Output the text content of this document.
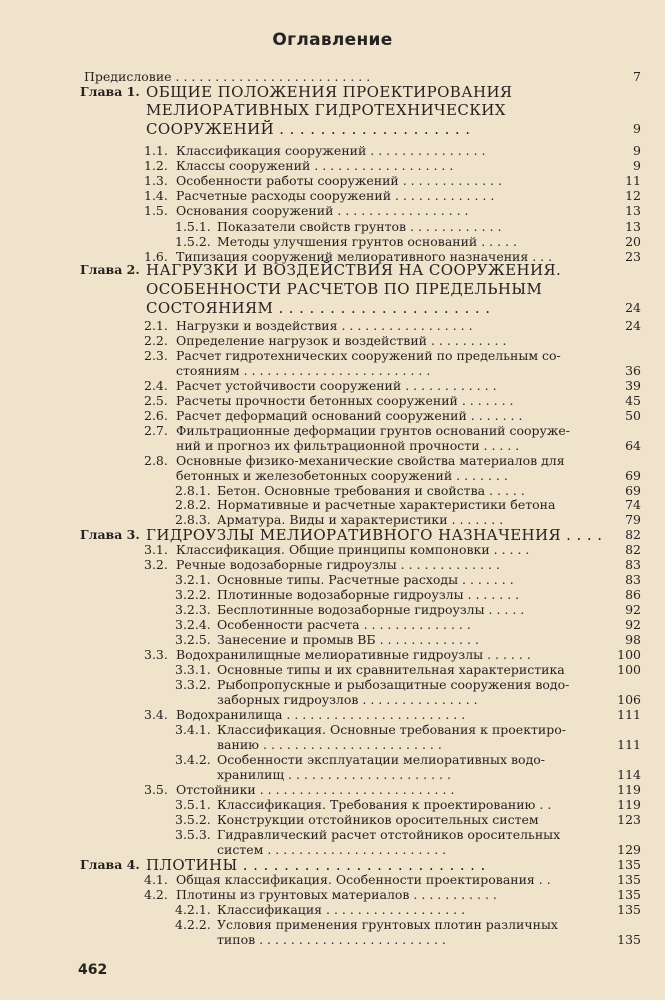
Оглавление
Предисловие . . . . . . . . . . . . . . . . . . . . . . . . .	7
Глава 1. ОБЩИЕ ПОЛОЖЕНИЯ ПРОЕКТИРОВАНИЯ
МЕЛИОРАТИВНЫХ ГИДРОТЕХНИЧЕСКИХ
СООРУЖЕНИЙ . . . . . . . . . . . . . . . . . . .	9
1.1. Классификация сооружений . . . . . . . . . . . . . . .	9
1.2. Классы сооружений . . . . . . . . . . . . . . . . . .	9
1.3. Особенности работы сооружений . . . . . . . . . . . . .	11
1.4. Расчетные расходы сооружений . . . . . . . . . . . . .	12
1.5. Основания сооружений . . . . . . . . . . . . . . . . .	13
1.5.1. Показатели свойств грунтов . . . . . . . . . . . .	13
1.5.2. Методы улучшения грунтов оснований . . . . .	20
1.6. Типизация сооружений мелиоративного назначения . . .	23
Глава 2. НАГРУЗКИ И ВОЗДЕЙСТВИЯ НА СООРУЖЕНИЯ.
ОСОБЕННОСТИ РАСЧЕТОВ ПО ПРЕДЕЛЬНЫМ
СОСТОЯНИЯМ . . . . . . . . . . . . . . . . . . . . .	24
2.1. Нагрузки и воздействия . . . . . . . . . . . . . . . . .	24
2.2. Определение нагрузок и воздействий . . . . . . . . . .
2.3. Расчет гидротехнических сооружений по предельным со-
стояниям . . . . . . . . . . . . . . . . . . . . . . . .	36
2.4. Расчет устойчивости сооружений . . . . . . . . . . . .	39
2.5. Расчеты прочности бетонных сооружений . . . . . . .	45
2.6. Расчет деформаций оснований сооружений . . . . . . .	50
2.7. Фильтрационные деформации грунтов оснований сооруже-
ний и прогноз их фильтрационной прочности . . . . .	64
2.8. Основные физико-механические свойства материалов для
бетонных и железобетонных сооружений . . . . . . .	69
2.8.1. Бетон. Основные требования и свойства . . . . .	69
2.8.2. Нормативные и расчетные характеристики бетона	74
2.8.3. Арматура. Виды и характеристики . . . . . . .	79
Глава 3. ГИДРОУЗЛЫ МЕЛИОРАТИВНОГО НАЗНАЧЕНИЯ . . . . 82
3.1. Классификация. Общие принципы компоновки . . . . .	82
3.2. Речные водозаборные гидроузлы . . . . . . . . . . . . .	83
3.2.1. Основные типы. Расчетные расходы . . . . . . .	83
3.2.2. Плотинные водозаборные гидроузлы . . . . . . .	86
3.2.3. Бесплотинные водозаборные гидроузлы . . . . .	92
3.2.4. Особенности расчета . . . . . . . . . . . . . .	92
3.2.5. Занесение и промыв ВБ . . . . . . . . . . . . .	98
3.3. Водохранилищные мелиоративные гидроузлы . . . . . .	100
3.3.1. Основные типы и их сравнительная характеристика	100
3.3.2. Рыбопропускные и рыбозащитные сооружения водо-
заборных гидроузлов . . . . . . . . . . . . . . .	106
3.4. Водохранилища . . . . . . . . . . . . . . . . . . . . . . .	111
3.4.1. Классификация. Основные требования к проектиро-
ванию . . . . . . . . . . . . . . . . . . . . . . .	111
3.4.2. Особенности эксплуатации мелиоративных водо-
хранилищ . . . . . . . . . . . . . . . . . . . . .	114
3.5. Отстойники . . . . . . . . . . . . . . . . . . . . . . . . .	119
3.5.1. Классификация. Требования к проектированию . .	119
3.5.2. Конструкции отстойников оросительных систем	123
3.5.3. Гидравлический расчет отстойников оросительных
систем . . . . . . . . . . . . . . . . . . . . . . .	129
Глава 4. ПЛОТИНЫ . . . . . . . . . . . . . . . . . . . . . . . .	135
4.1. Общая классификация. Особенности проектирования . .	135
4.2. Плотины из грунтовых материалов . . . . . . . . . . .	135
4.2.1. Классификация . . . . . . . . . . . . . . . . . .	135
4.2.2. Условия применения грунтовых плотин различных
типов . . . . . . . . . . . . . . . . . . . . . . . .	135
462
